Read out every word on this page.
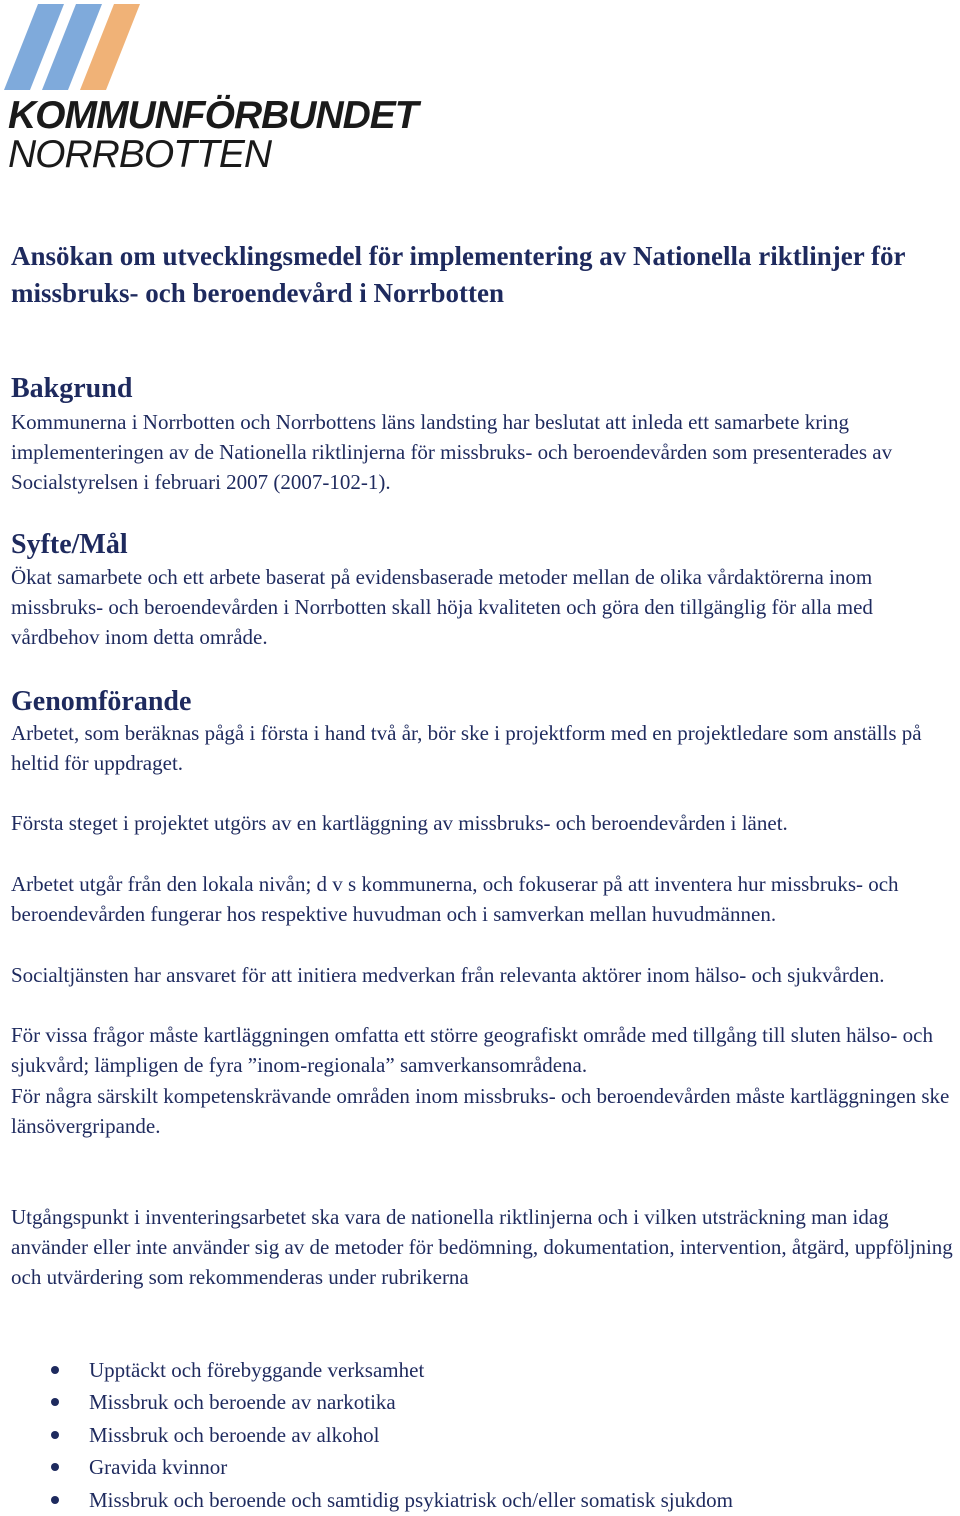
KOMMUNFÖRBUNDET
NORRBOTTEN
Ansökan om utvecklingsmedel för implementering av Nationella riktlinjer för missbruks- och beroendevård i Norrbotten
Bakgrund

Kommunerna i Norrbotten och Norrbottens läns landsting har beslutat att inleda ett samarbete kring implementeringen av de Nationella riktlinjerna för missbruks- och beroendevården som presenterades av Socialstyrelsen i februari 2007 (2007-102-1).

Syfte/Mål

Ökat samarbete och ett arbete baserat på evidensbaserade metoder mellan de olika vårdaktörerna inom missbruks- och beroendevården i Norrbotten skall höja kvaliteten och göra den tillgänglig för alla med vårdbehov inom detta område.

Genomförande

Arbetet, som beräknas pågå i första i hand två år, bör ske i projektform med en projektledare som anställs på heltid för uppdraget.

Första steget i projektet utgörs av en kartläggning av missbruks- och beroendevården i länet.

Arbetet utgår från den lokala nivån; d v s kommunerna, och fokuserar på att inventera hur missbruks- och beroendevården fungerar hos respektive huvudman och i samverkan mellan huvudmännen.

Socialtjänsten har ansvaret för att initiera medverkan från relevanta aktörer inom hälso- och sjukvården.

För vissa frågor måste kartläggningen omfatta ett större geografiskt område med tillgång till sluten hälso- och sjukvård; lämpligen de fyra ”inom-regionala” samverkansområdena.

För några särskilt kompetenskrävande områden inom missbruks- och beroendevården måste kartläggningen ske länsövergripande.

Utgångspunkt i inventeringsarbetet ska vara de nationella riktlinjerna och i vilken utsträckning man idag använder eller inte använder sig av de metoder för bedömning, dokumentation, intervention, åtgärd, uppföljning och utvärdering som rekommenderas under rubrikerna

Upptäckt och förebyggande verksamhet
Missbruk och beroende av narkotika
Missbruk och beroende av alkohol
Gravida kvinnor
Missbruk och beroende och samtidig psykiatrisk och/eller somatisk sjukdom
